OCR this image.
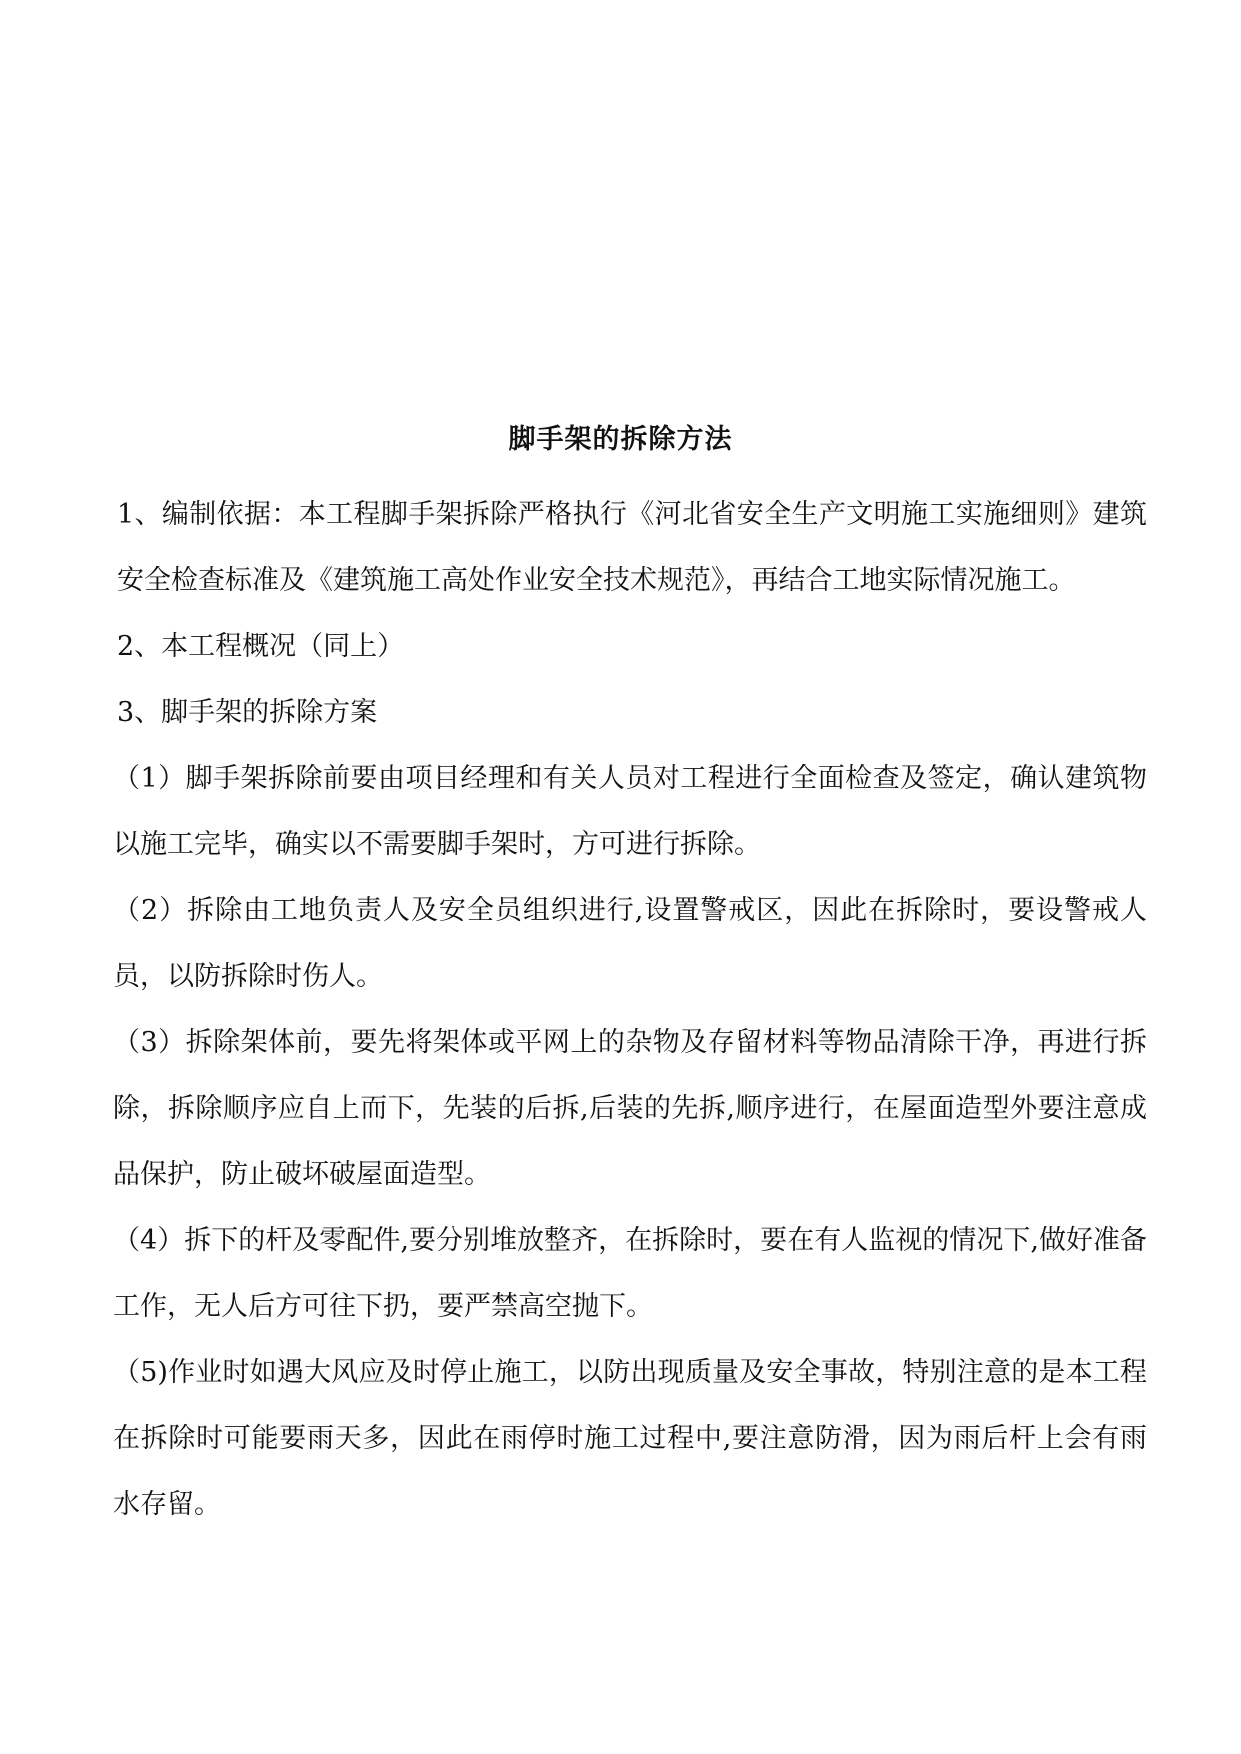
脚手架的拆除方法

1、编制依据：本工程脚手架拆除严格执行《河北省安全生产文明施工实施细则》建筑安全检查标准及《建筑施工高处作业安全技术规范》，再结合工地实际情况施工。

2、本工程概况（同上）

3、脚手架的拆除方案

（1）脚手架拆除前要由项目经理和有关人员对工程进行全面检查及签定，确认建筑物以施工完毕，确实以不需要脚手架时，方可进行拆除。

（2）拆除由工地负责人及安全员组织进行,设置警戒区，因此在拆除时，要设警戒人员，以防拆除时伤人。

（3）拆除架体前，要先将架体或平网上的杂物及存留材料等物品清除干净，再进行拆除，拆除顺序应自上而下，先装的后拆,后装的先拆,顺序进行，在屋面造型外要注意成品保护，防止破坏破屋面造型。

（4）拆下的杆及零配件,要分别堆放整齐，在拆除时，要在有人监视的情况下,做好准备工作，无人后方可往下扔，要严禁高空抛下。

（5)作业时如遇大风应及时停止施工，以防出现质量及安全事故，特别注意的是本工程在拆除时可能要雨天多，因此在雨停时施工过程中,要注意防滑，因为雨后杆上会有雨水存留。
